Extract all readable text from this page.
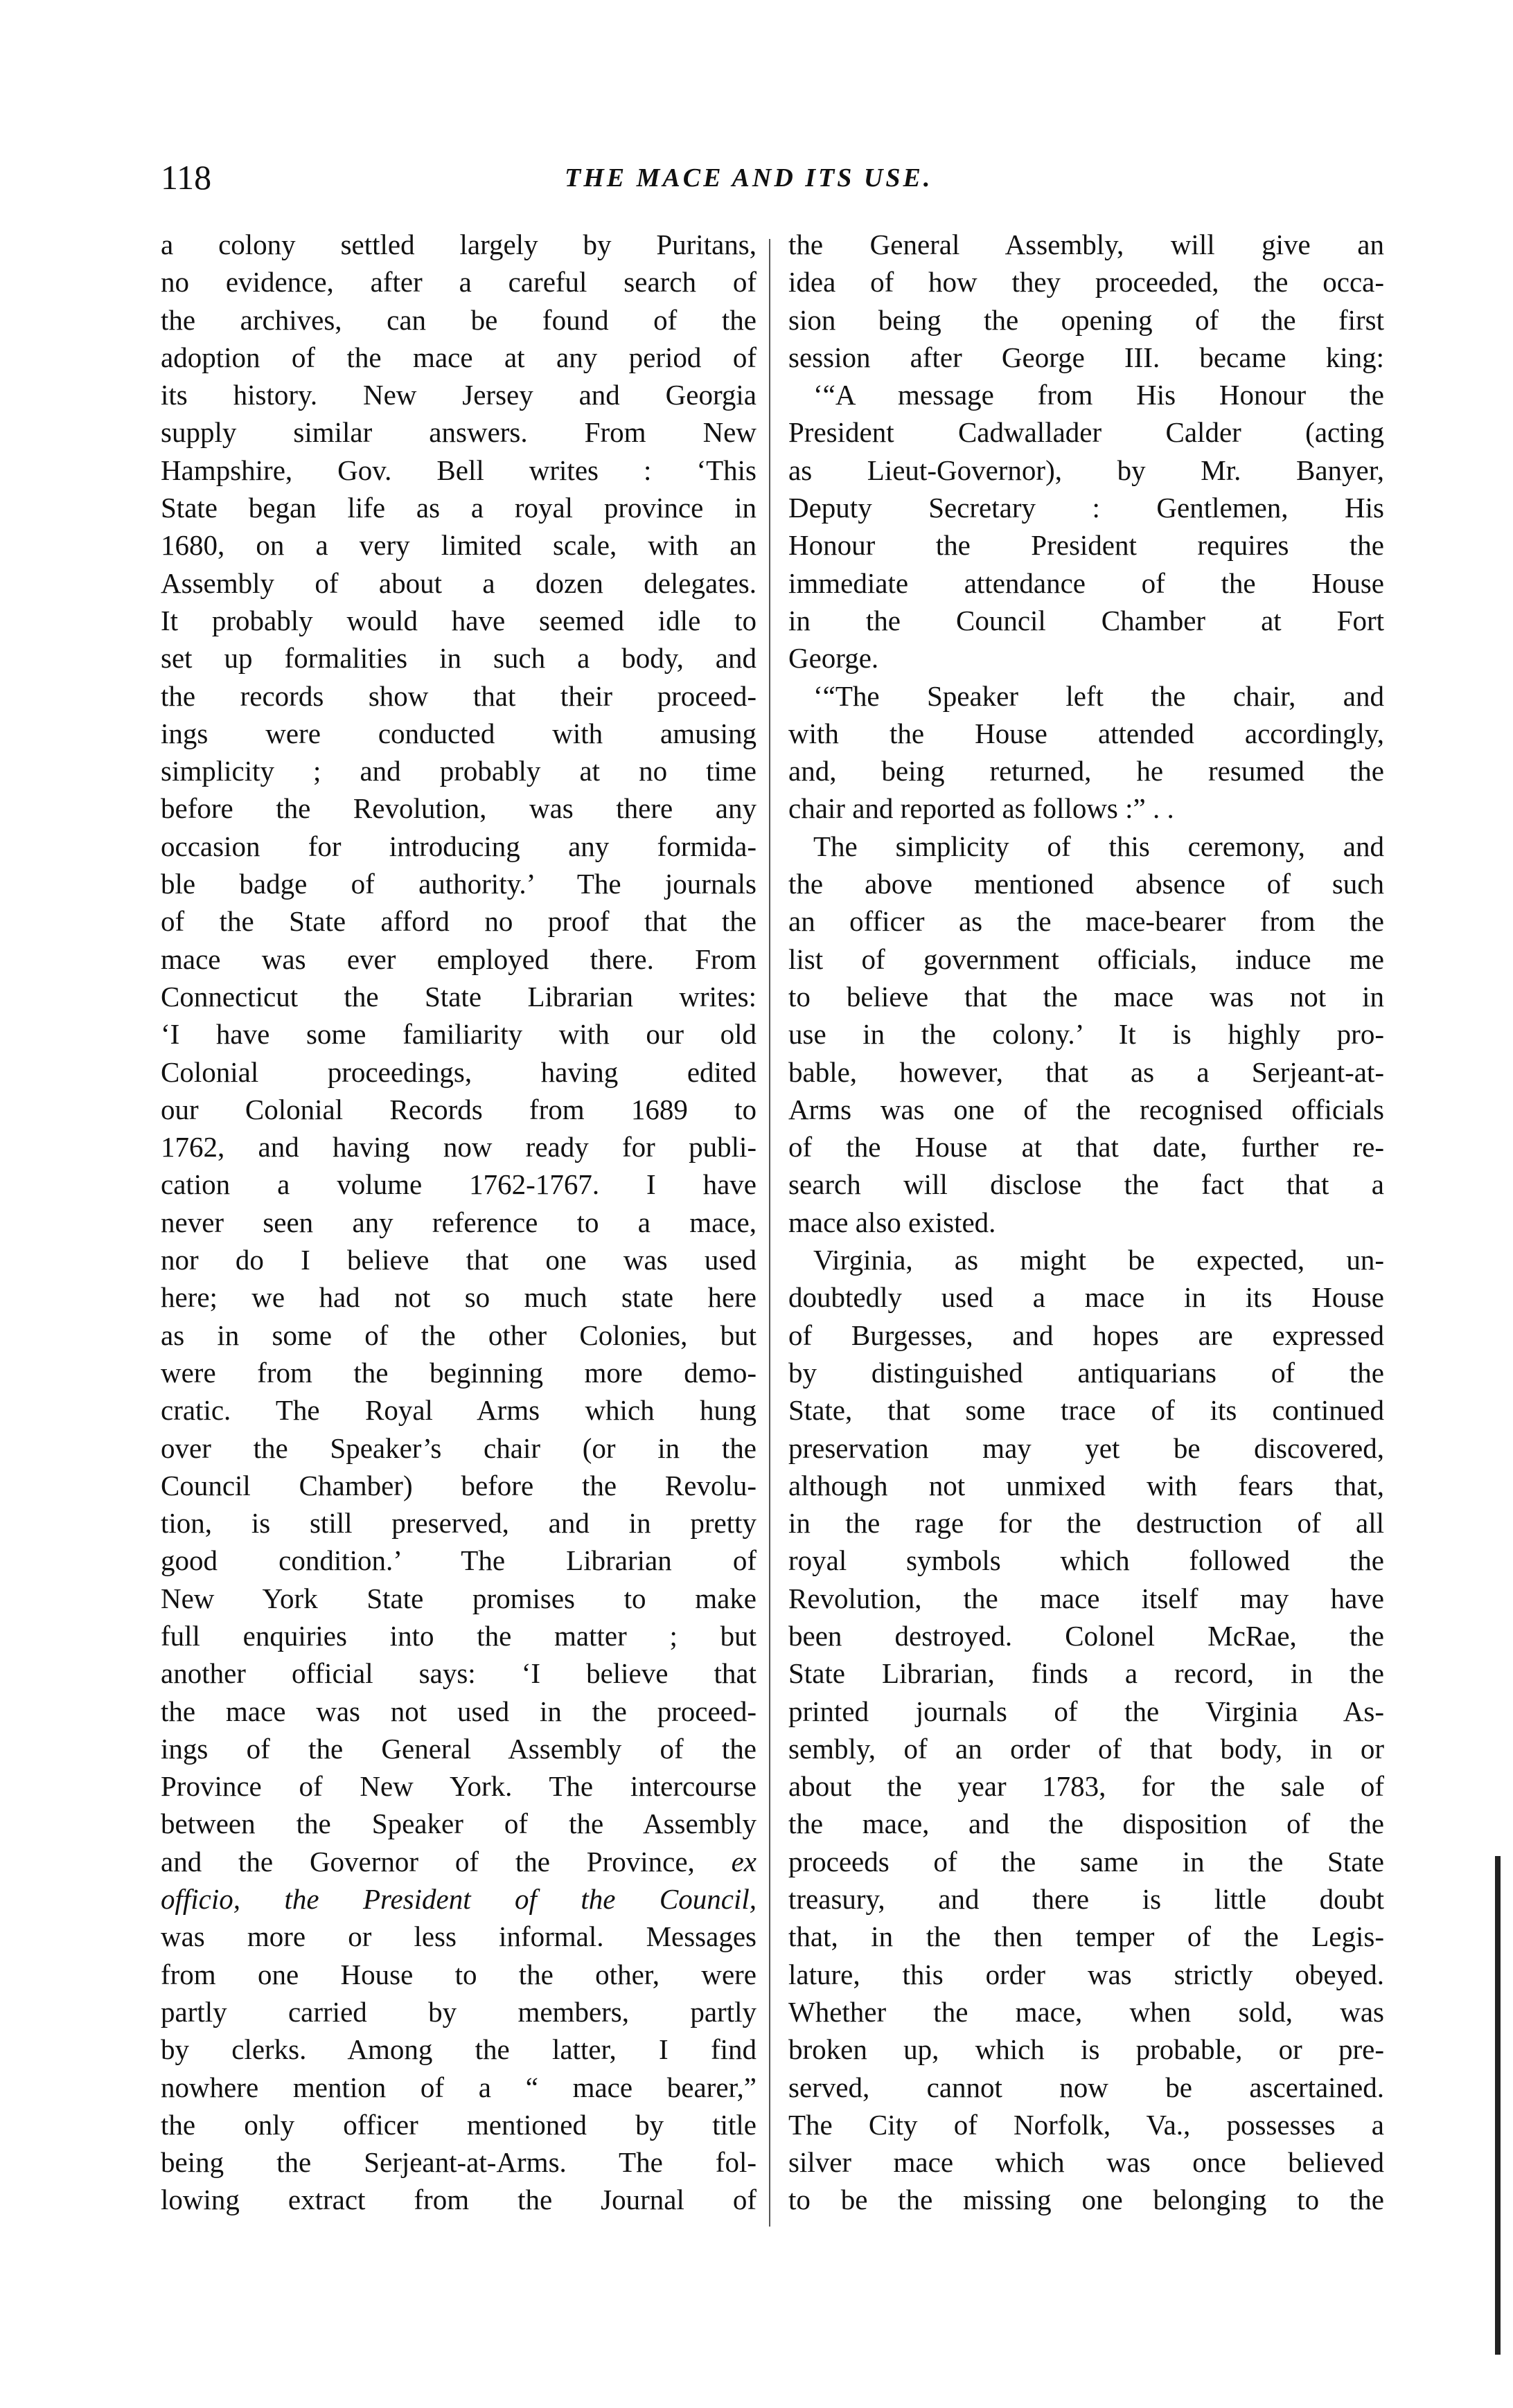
118	THE MACE AND ITS USE.
a colony settled largely by Puritans,
no evidence, after a careful search of
the archives, can be found of the
adoption of the mace at any period of
its history. New Jersey and Georgia
supply similar answers. From New
Hampshire, Gov. Bell writes : ‘This
State began life as a royal province in
1680, on a very limited scale, with an
Assembly of about a dozen delegates.
It probably would have seemed idle to
set up formalities in such a body, and
the records show that their proceed-
ings were conducted with amusing
simplicity ; and probably at no time
before the Revolution, was there any
occasion for introducing any formida-
ble badge of authority.’ The journals
of the State afford no proof that the
mace was ever employed there. From
Connecticut the State Librarian writes:
‘I have some familiarity with our old
Colonial proceedings, having edited
our Colonial Records from 1689 to
1762, and having now ready for publi-
cation a volume 1762-1767. I have
never seen any reference to a mace,
nor do I believe that one was used
here; we had not so much state here
as in some of the other Colonies, but
were from the beginning more demo-
cratic. The Royal Arms which hung
over the Speaker’s chair (or in the
Council Chamber) before the Revolu-
tion, is still preserved, and in pretty
good condition.’ The Librarian of
New York State promises to make
full enquiries into the matter ; but
another official says: ‘I believe that
the mace was not used in the proceed-
ings of the General Assembly of the
Province of New York. The intercourse
between the Speaker of the Assembly
and the Governor of the Province, ex
officio, the President of the Council,
was more or less informal. Messages
from one House to the other, were
partly carried by members, partly
by clerks. Among the latter, I find
nowhere mention of a “ mace bearer,”
the only officer mentioned by title
being the Serjeant-at-Arms. The fol-
lowing extract from the Journal of
the General Assembly, will give an
idea of how they proceeded, the occa-
sion being the opening of the first
session after George III. became king:
‘“A message from His Honour the
President Cadwallader Calder (acting
as Lieut-Governor), by Mr. Banyer,
Deputy Secretary : Gentlemen, His
Honour the President requires the
immediate attendance of the House
in the Council Chamber at Fort
George.
‘“The Speaker left the chair, and
with the House attended accordingly,
and, being returned, he resumed the
chair and reported as follows :” . .
The simplicity of this ceremony, and
the above mentioned absence of such
an officer as the mace-bearer from the
list of government officials, induce me
to believe that the mace was not in
use in the colony.’ It is highly pro-
bable, however, that as a Serjeant-at-
Arms was one of the recognised officials
of the House at that date, further re-
search will disclose the fact that a
mace also existed.
Virginia, as might be expected, un-
doubtedly used a mace in its House
of Burgesses, and hopes are expressed
by distinguished antiquarians of the
State, that some trace of its continued
preservation may yet be discovered,
although not unmixed with fears that,
in the rage for the destruction of all
royal symbols which followed the
Revolution, the mace itself may have
been destroyed. Colonel McRae, the
State Librarian, finds a record, in the
printed journals of the Virginia As-
sembly, of an order of that body, in or
about the year 1783, for the sale of
the mace, and the disposition of the
proceeds of the same in the State
treasury, and there is little doubt
that, in the then temper of the Legis-
lature, this order was strictly obeyed.
Whether the mace, when sold, was
broken up, which is probable, or pre-
served, cannot now be ascertained.
The City of Norfolk, Va., possesses a
silver mace which was once believed
to be the missing one belonging to the
